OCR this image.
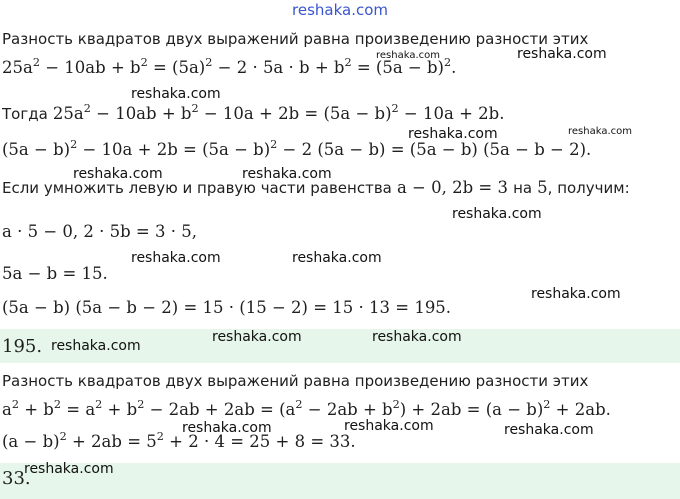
reshaka.com
Разность квадратов двух выражений равна произведению разности этих
$25a^2 - 10ab + b^2 = (5a)^2 - 2 \cdot 5a \cdot b + b^2 = (5a - b)^2$.
Тогда $25a^2 - 10ab + b^2 - 10a + 2b = (5a - b)^2 - 10a + 2b$.
$(5a - b)^2 - 10a + 2b = (5a - b)^2 - 2$ (5a − b) = (5a − b) (5a − b − 2).
Если умножить левую и правую части равенства a − 0, 2b = 3 на 5, получим:
a · 5 − 0, 2 · 5b = 3 · 5,
5a − b = 15.
(5a − b) (5a − b − 2) = 15 · (15 − 2) = 15 · 13 = 195.
195.
Разность квадратов двух выражений равна произведению разности этих
$a^2 + b^2 = a^2 + b^2 - 2ab + 2ab = (a^2 - 2ab + b^2) + 2ab = (a - b)^2 + 2ab$.
$(a - b)^2 + 2ab = 5^2 + 2 \cdot 4 = 25 + 8 = 33$.
33.
reshaka.com	reshaka.com
reshaka.com
reshaka.com	reshaka.com
reshaka.com	reshaka.com
reshaka.com
reshaka.com	reshaka.com
reshaka.com
reshaka.com	reshaka.com
reshaka.com
reshaka.com	reshaka.com	reshaka.com
reshaka.com
